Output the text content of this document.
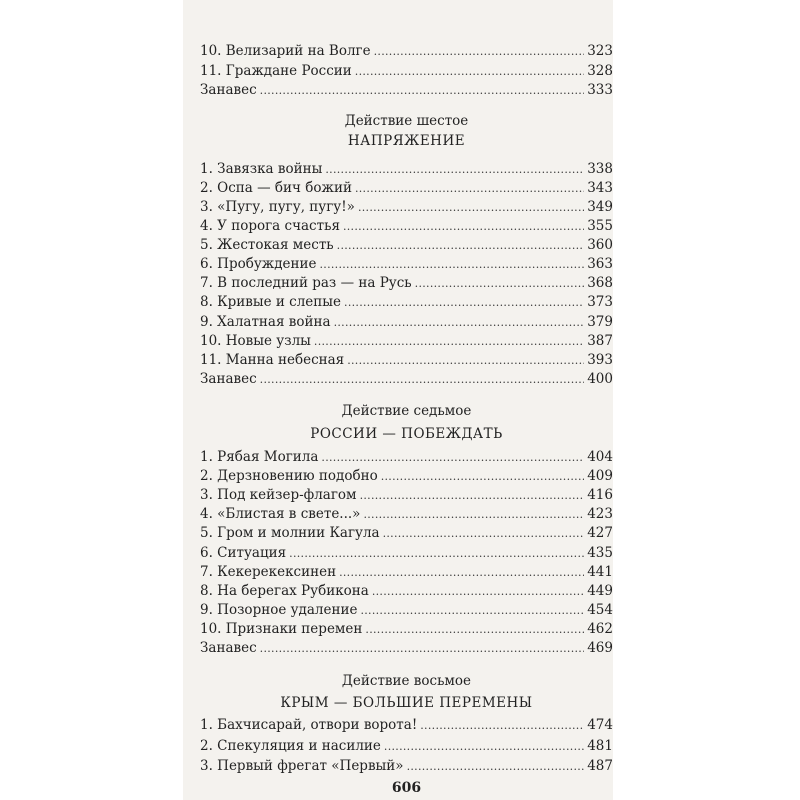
10. Велизарий на Волге . . .	323
11. Граждане России . . .	328
Занавес . . .	333
Действие шестое
НАПРЯЖЕНИЕ
1. Завязка войны . . .	338
2. Оспа — бич божий . . .	343
3. «Пугу, пугу, пугу!» . . .	349
4. У порога счастья . . .	355
5. Жестокая месть . . .	360
6. Пробуждение . . .	363
7. В последний раз — на Русь . . .	368
8. Кривые и слепые . . .	373
9. Халатная война . . .	379
10. Новые узлы . . .	387
11. Манна небесная . . .	393
Занавес . . .	400
Действие седьмое
РОССИИ — ПОБЕЖДАТЬ
1. Рябая Могила . . .	404
2. Дерзновению подобно . . .	409
3. Под кейзер-флагом . . .	416
4. «Блистая в свете...» . . .	423
5. Гром и молнии Кагула . . .	427
6. Ситуация . . .	435
7. Кекерекексинен . . .	441
8. На берегах Рубикона . . .	449
9. Позорное удаление . . .	454
10. Признаки перемен . . .	462
Занавес . . .	469
Действие восьмое
КРЫМ — БОЛЬШИЕ ПЕРЕМЕНЫ
1. Бахчисарай, отвори ворота! . . .	474
2. Спекуляция и насилие . . .	481
3. Первый фрегат «Первый» . . .	487
606
